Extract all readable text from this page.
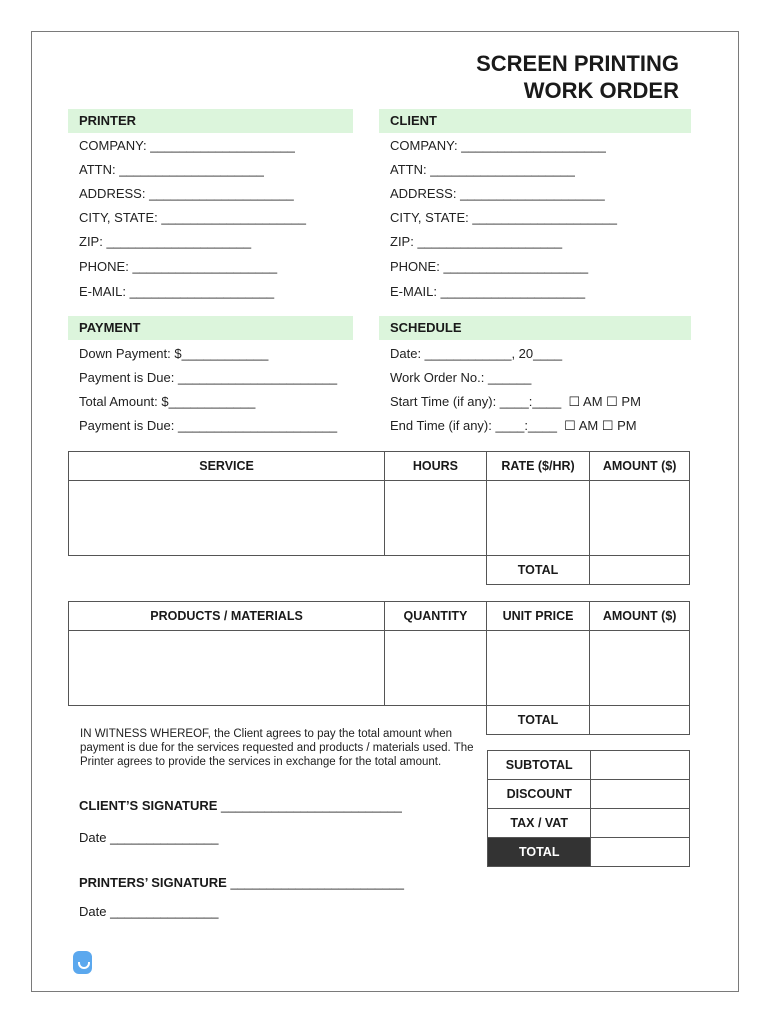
SCREEN PRINTING
WORK ORDER
PRINTER	CLIENT
COMPANY: ____________________
ATTN: ____________________
ADDRESS: ____________________
CITY, STATE: ____________________
ZIP: ____________________
PHONE: ____________________
E-MAIL: ____________________
COMPANY: ____________________
ATTN: ____________________
ADDRESS: ____________________
CITY, STATE: ____________________
ZIP: ____________________
PHONE: ____________________
E-MAIL: ____________________
PAYMENT	SCHEDULE
Down Payment: $____________
Payment is Due: ______________________
Total Amount: $____________
Payment is Due: ______________________
Date: ____________, 20____
Work Order No.: ______
Start Time (if any): ____:____  ☐ AM ☐ PM
End Time (if any): ____:____  ☐ AM ☐ PM
SERVICE	HOURS	RATE ($/HR)	AMOUNT ($)

		TOTAL	
PRODUCTS / MATERIALS	QUANTITY	UNIT PRICE	AMOUNT ($)

		TOTAL	
SUBTOTAL	
DISCOUNT	
TAX / VAT	
TOTAL	
IN WITNESS WHEREOF, the Client agrees to pay the total amount when payment is due for the services requested and products / materials used. The Printer agrees to provide the services in exchange for the total amount.
CLIENT’S SIGNATURE _________________________
Date _______________
PRINTERS’ SIGNATURE ________________________
Date _______________
